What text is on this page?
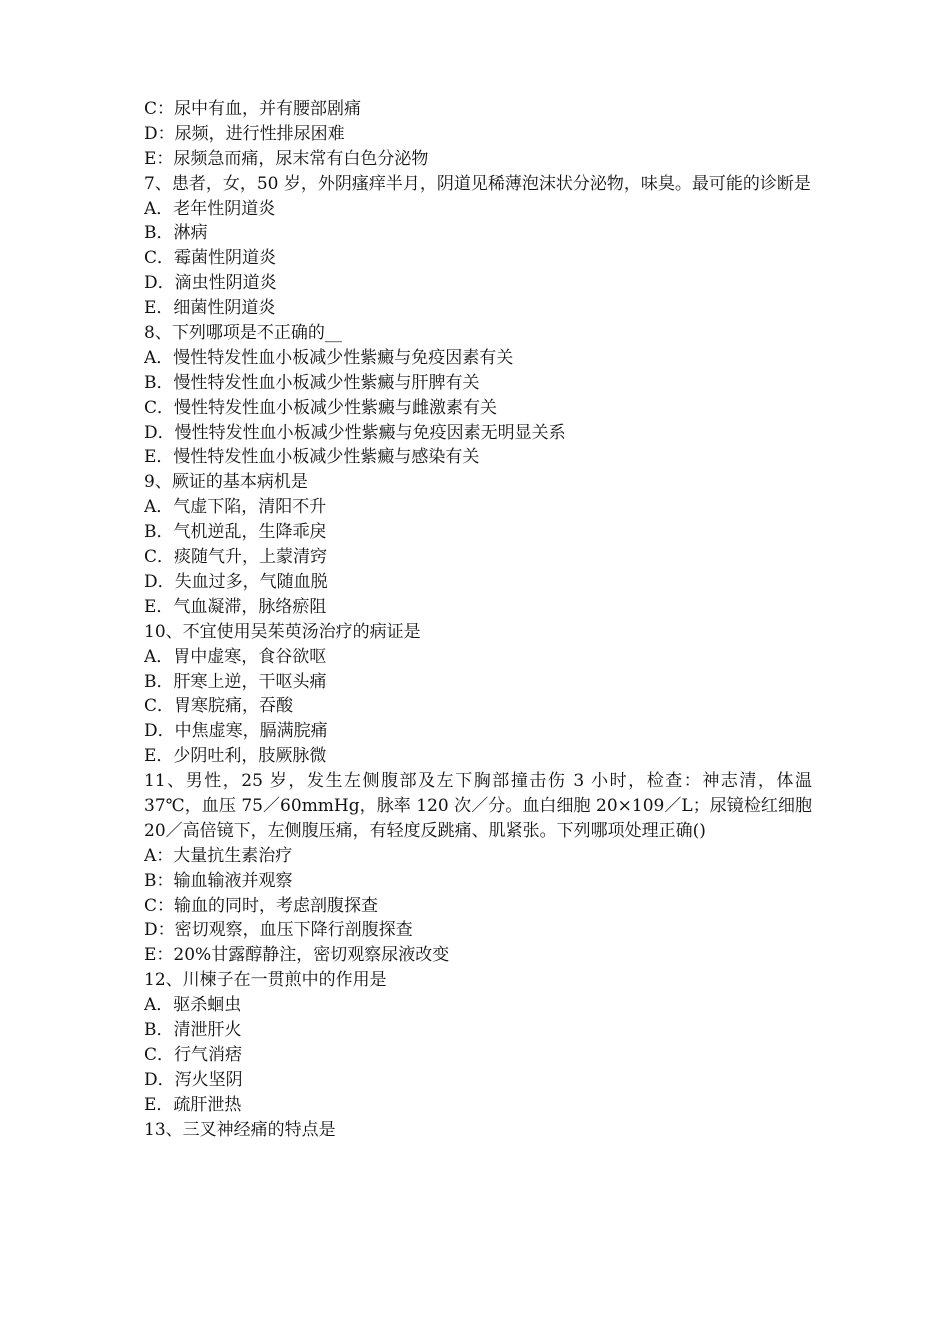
C：尿中有血，并有腰部剧痛
D：尿频，进行性排尿困难
E：尿频急而痛，尿末常有白色分泌物
7、患者，女，50 岁，外阴瘙痒半月，阴道见稀薄泡沫状分泌物，味臭。最可能的诊断是
A．老年性阴道炎
B．淋病
C．霉菌性阴道炎
D．滴虫性阴道炎
E．细菌性阴道炎
8、下列哪项是不正确的__
A．慢性特发性血小板减少性紫癜与免疫因素有关
B．慢性特发性血小板减少性紫癜与肝脾有关
C．慢性特发性血小板减少性紫癜与雌激素有关
D．慢性特发性血小板减少性紫癜与免疫因素无明显关系
E．慢性特发性血小板减少性紫癜与感染有关
9、厥证的基本病机是
A．气虚下陷，清阳不升
B．气机逆乱，生降乖戾
C．痰随气升，上蒙清窍
D．失血过多，气随血脱
E．气血凝滞，脉络瘀阻
10、不宜使用吴茱萸汤治疗的病证是
A．胃中虚寒，食谷欲呕
B．肝寒上逆，干呕头痛
C．胃寒脘痛，吞酸
D．中焦虚寒，膈满脘痛
E．少阴吐利，肢厥脉微
11、男性，25 岁，发生左侧腹部及左下胸部撞击伤 3 小时，检查：神志清，体温 37℃，血压 75／60mmHg，脉率 120 次／分。血白细胞 20×109／L；尿镜检红细胞 20／高倍镜下，左侧腹压痛，有轻度反跳痛、肌紧张。下列哪项处理正确()
A：大量抗生素治疗
B：输血输液并观察
C：输血的同时，考虑剖腹探查
D：密切观察，血压下降行剖腹探查
E：20%甘露醇静注，密切观察尿液改变
12、川楝子在一贯煎中的作用是
A．驱杀蛔虫
B．清泄肝火
C．行气消痞
D．泻火坚阴
E．疏肝泄热
13、三叉神经痛的特点是
